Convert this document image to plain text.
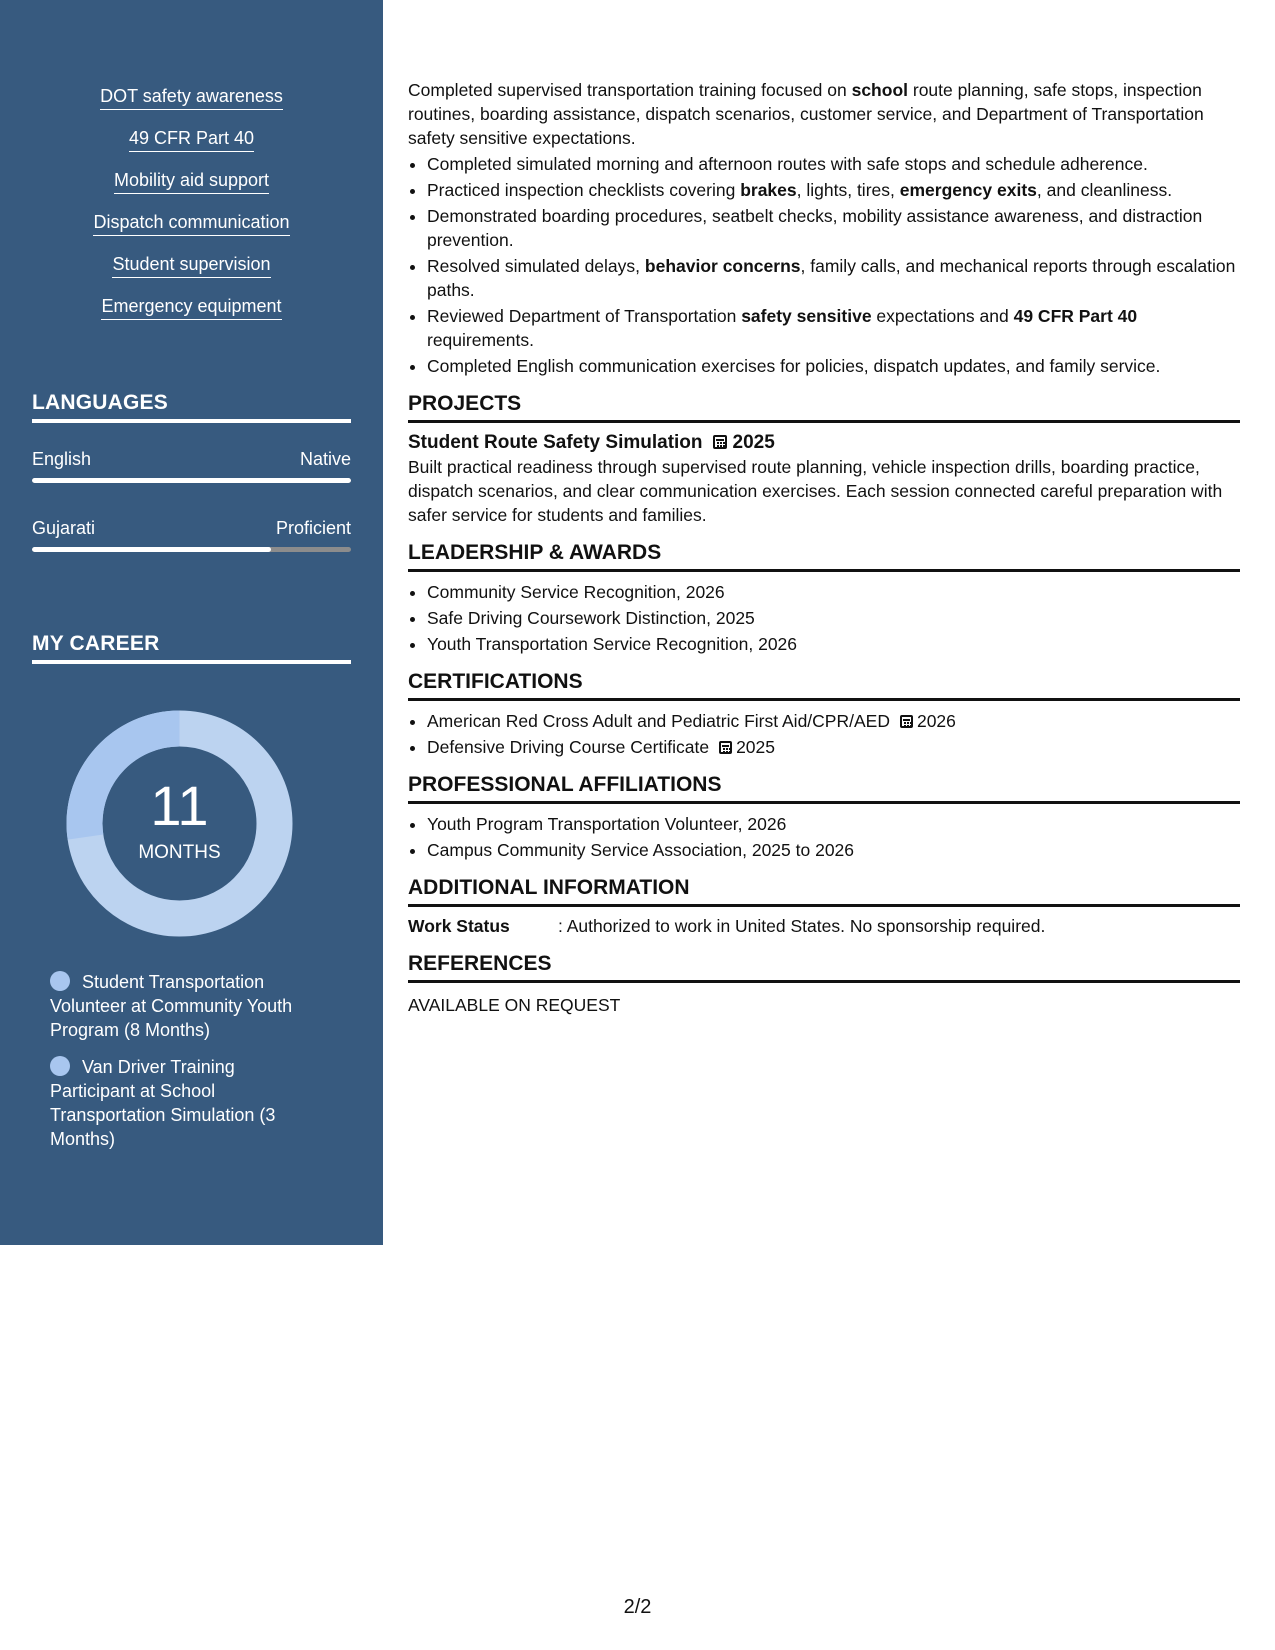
DOT safety awareness
49 CFR Part 40
Mobility aid support
Dispatch communication
Student supervision
Emergency equipment
LANGUAGES
English	Native
Gujarati	Proficient
MY CAREER
11
MONTHS
Student Transportation Volunteer at Community Youth Program (8 Months)
Van Driver Training Participant at School Transportation Simulation (3 Months)

Completed supervised transportation training focused on school route planning, safe stops, inspection routines, boarding assistance, dispatch scenarios, customer service, and Department of Transportation safety sensitive expectations.

• Completed simulated morning and afternoon routes with safe stops and schedule adherence.
• Practiced inspection checklists covering brakes, lights, tires, emergency exits, and cleanliness.
• Demonstrated boarding procedures, seatbelt checks, mobility assistance awareness, and distraction prevention.
• Resolved simulated delays, behavior concerns, family calls, and mechanical reports through escalation paths.
• Reviewed Department of Transportation safety sensitive expectations and 49 CFR Part 40 requirements.
• Completed English communication exercises for policies, dispatch updates, and family service.
PROJECTS
Student Route Safety Simulation 2025

Built practical readiness through supervised route planning, vehicle inspection drills, boarding practice, dispatch scenarios, and clear communication exercises. Each session connected careful preparation with safer service for students and families.

LEADERSHIP & AWARDS
• Community Service Recognition, 2026
• Safe Driving Coursework Distinction, 2025
• Youth Transportation Service Recognition, 2026
CERTIFICATIONS
• American Red Cross Adult and Pediatric First Aid/CPR/AED 2026
• Defensive Driving Course Certificate 2025
PROFESSIONAL AFFILIATIONS
• Youth Program Transportation Volunteer, 2026
• Campus Community Service Association, 2025 to 2026
ADDITIONAL INFORMATION
Work Status	: Authorized to work in United States. No sponsorship required.
REFERENCES
AVAILABLE ON REQUEST
2/2
